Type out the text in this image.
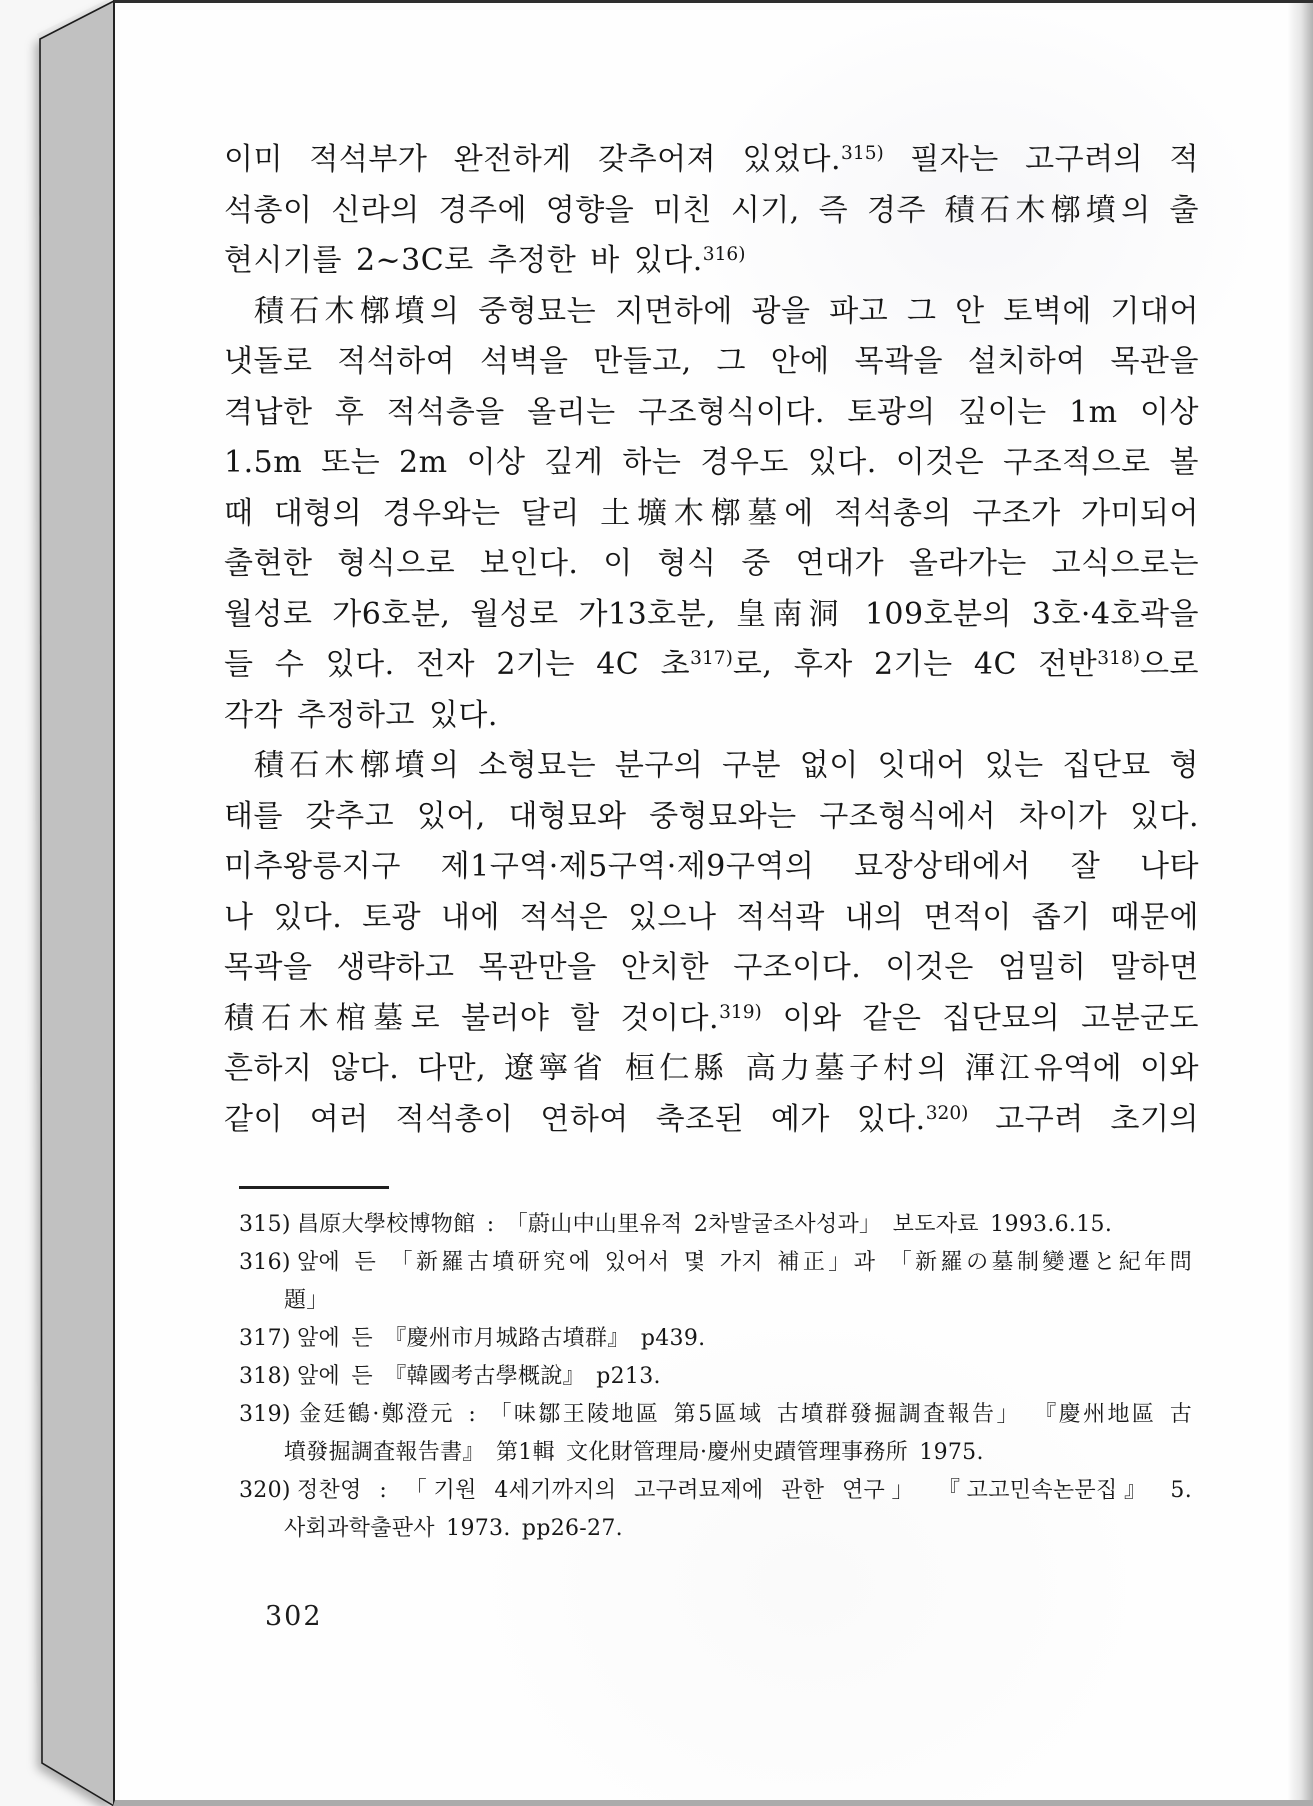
이미 적석부가 완전하게 갖추어져 있었다.$^{315)}$ 필자는 고구려의 적
석총이 신라의 경주에 영향을 미친 시기, 즉 경주 積石木槨墳의 출
현시기를 2~3C로 추정한 바 있다.$^{316)}$
積石木槨墳의 중형묘는 지면하에 광을 파고 그 안 토벽에 기대어
냇돌로 적석하여 석벽을 만들고, 그 안에 목곽을 설치하여 목관을
격납한 후 적석층을 올리는 구조형식이다. 토광의 깊이는 1m 이상
1.5m 또는 2m 이상 깊게 하는 경우도 있다. 이것은 구조적으로 볼
때 대형의 경우와는 달리 土壙木槨墓에 적석총의 구조가 가미되어
출현한 형식으로 보인다. 이 형식 중 연대가 올라가는 고식으로는
월성로 가6호분, 월성로 가13호분, 皇南洞 109호분의 3호·4호곽을
들 수 있다. 전자 2기는 4C 초$^{317)}$로, 후자 2기는 4C 전반$^{318)}$으로
각각 추정하고 있다.
積石木槨墳의 소형묘는 분구의 구분 없이 잇대어 있는 집단묘 형
태를 갖추고 있어, 대형묘와 중형묘와는 구조형식에서 차이가 있다.
미추왕릉지구 제1구역·제5구역·제9구역의 묘장상태에서 잘 나타
나 있다. 토광 내에 적석은 있으나 적석곽 내의 면적이 좁기 때문에
목곽을 생략하고 목관만을 안치한 구조이다. 이것은 엄밀히 말하면
積石木棺墓로 불러야 할 것이다.$^{319)}$ 이와 같은 집단묘의 고분군도
흔하지 않다. 다만, 遼寧省 桓仁縣 高力墓子村의 渾江유역에 이와
같이 여러 적석총이 연하여 축조된 예가 있다.$^{320)}$ 고구려 초기의
315) 昌原大學校博物館 : 「蔚山中山里유적 2차발굴조사성과」 보도자료 1993.6.15.
316) 앞에 든 「新羅古墳研究에 있어서 몇 가지 補正」과 「新羅の墓制變遷と紀年問
題」
317) 앞에 든 『慶州市月城路古墳群』 p439.
318) 앞에 든 『韓國考古學概說』 p213.
319) 金廷鶴·鄭澄元 : 「味鄒王陵地區 第5區域 古墳群發掘調査報告」 『慶州地區 古
墳發掘調査報告書』 第1輯 文化財管理局·慶州史蹟管理事務所 1975.
320) 정찬영 : 「기원 4세기까지의 고구려묘제에 관한 연구」 『고고민속논문집』 5.
사회과학출판사 1973. pp26-27.
302
